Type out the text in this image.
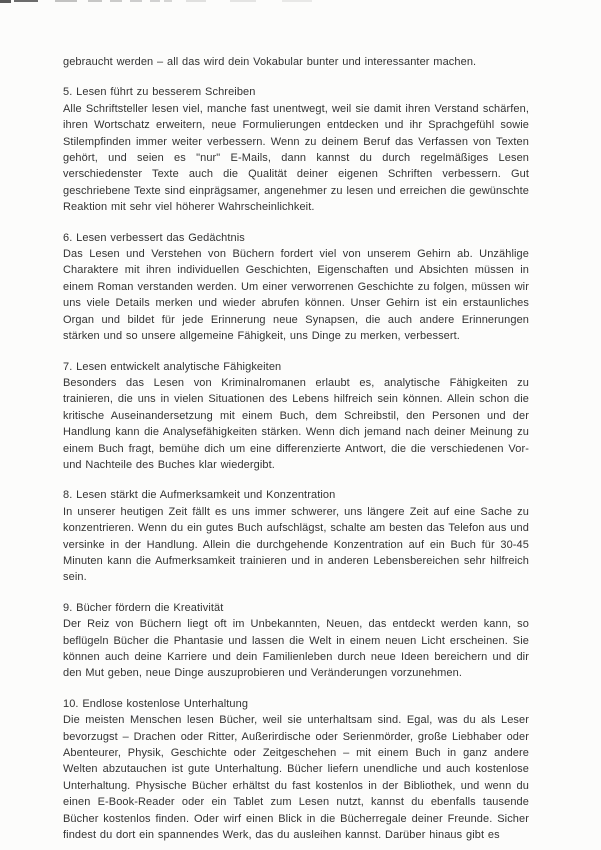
gebraucht werden – all das wird dein Vokabular bunter und interessanter machen.

5. Lesen führt zu besserem Schreiben

Alle Schriftsteller lesen viel, manche fast unentwegt, weil sie damit ihren Verstand schärfen, ihren Wortschatz erweitern, neue Formulierungen entdecken und ihr Sprachgefühl sowie Stilempfinden immer weiter verbessern. Wenn zu deinem Beruf das Verfassen von Texten gehört, und seien es "nur" E-Mails, dann kannst du durch regelmäßiges Lesen verschiedenster Texte auch die Qualität deiner eigenen Schriften verbessern. Gut geschriebene Texte sind einprägsamer, angenehmer zu lesen und erreichen die gewünschte Reaktion mit sehr viel höherer Wahrscheinlichkeit.

6. Lesen verbessert das Gedächtnis

Das Lesen und Verstehen von Büchern fordert viel von unserem Gehirn ab. Unzählige Charaktere mit ihren individuellen Geschichten, Eigenschaften und Absichten müssen in einem Roman verstanden werden. Um einer verworrenen Geschichte zu folgen, müssen wir uns viele Details merken und wieder abrufen können. Unser Gehirn ist ein erstaunliches Organ und bildet für jede Erinnerung neue Synapsen, die auch andere Erinnerungen stärken und so unsere allgemeine Fähigkeit, uns Dinge zu merken, verbessert.

7. Lesen entwickelt analytische Fähigkeiten

Besonders das Lesen von Kriminalromanen erlaubt es, analytische Fähigkeiten zu trainieren, die uns in vielen Situationen des Lebens hilfreich sein können. Allein schon die kritische Auseinandersetzung mit einem Buch, dem Schreibstil, den Personen und der Handlung kann die Analysefähigkeiten stärken. Wenn dich jemand nach deiner Meinung zu einem Buch fragt, bemühe dich um eine differenzierte Antwort, die die verschiedenen Vor- und Nachteile des Buches klar wiedergibt.

8. Lesen stärkt die Aufmerksamkeit und Konzentration

In unserer heutigen Zeit fällt es uns immer schwerer, uns längere Zeit auf eine Sache zu konzentrieren. Wenn du ein gutes Buch aufschlägst, schalte am besten das Telefon aus und versinke in der Handlung. Allein die durchgehende Konzentration auf ein Buch für 30-45 Minuten kann die Aufmerksamkeit trainieren und in anderen Lebensbereichen sehr hilfreich sein.

9. Bücher fördern die Kreativität

Der Reiz von Büchern liegt oft im Unbekannten, Neuen, das entdeckt werden kann, so beflügeln Bücher die Phantasie und lassen die Welt in einem neuen Licht erscheinen. Sie können auch deine Karriere und dein Familienleben durch neue Ideen bereichern und dir den Mut geben, neue Dinge auszuprobieren und Veränderungen vorzunehmen.

10. Endlose kostenlose Unterhaltung

Die meisten Menschen lesen Bücher, weil sie unterhaltsam sind. Egal, was du als Leser bevorzugst – Drachen oder Ritter, Außerirdische oder Serienmörder, große Liebhaber oder Abenteurer, Physik, Geschichte oder Zeitgeschehen – mit einem Buch in ganz andere Welten abzutauchen ist gute Unterhaltung. Bücher liefern unendliche und auch kostenlose Unterhaltung. Physische Bücher erhältst du fast kostenlos in der Bibliothek, und wenn du einen E-Book-Reader oder ein Tablet zum Lesen nutzt, kannst du ebenfalls tausende Bücher kostenlos finden. Oder wirf einen Blick in die Bücherregale deiner Freunde. Sicher findest du dort ein spannendes Werk, das du ausleihen kannst. Darüber hinaus gibt es
